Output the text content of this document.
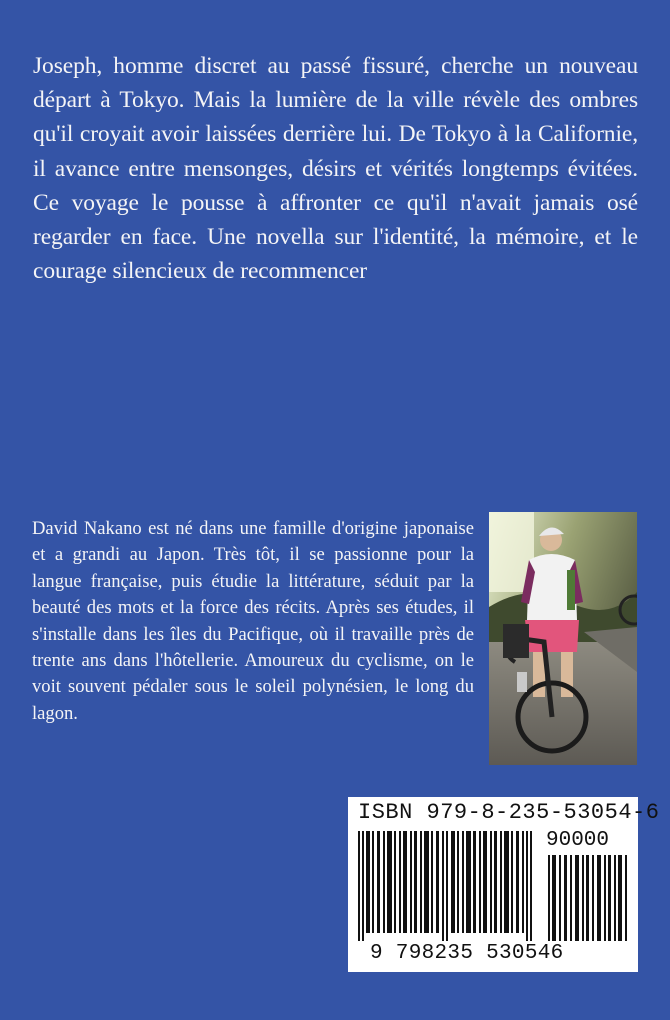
Joseph, homme discret au passé fissuré, cherche un nouveau départ à Tokyo. Mais la lumière de la ville révèle des ombres qu'il croyait avoir laissées derrière lui. De Tokyo à la Californie, il avance entre mensonges, désirs et vérités longtemps évitées. Ce voyage le pousse à affronter ce qu'il n'avait jamais osé regarder en face. Une novella sur l'identité, la mémoire, et le courage silencieux de recommencer
David Nakano est né dans une famille d'origine japonaise et a grandi au Japon. Très tôt, il se passionne pour la langue française, puis étudie la littérature, séduit par la beauté des mots et la force des récits. Après ses études, il s'installe dans les îles du Pacifique, où il travaille près de trente ans dans l'hôtellerie. Amoureux du cyclisme, on le voit souvent pédaler sous le soleil polynésien, le long du lagon.
ISBN 979-8-235-53054-6
90000
9 798235 530546
